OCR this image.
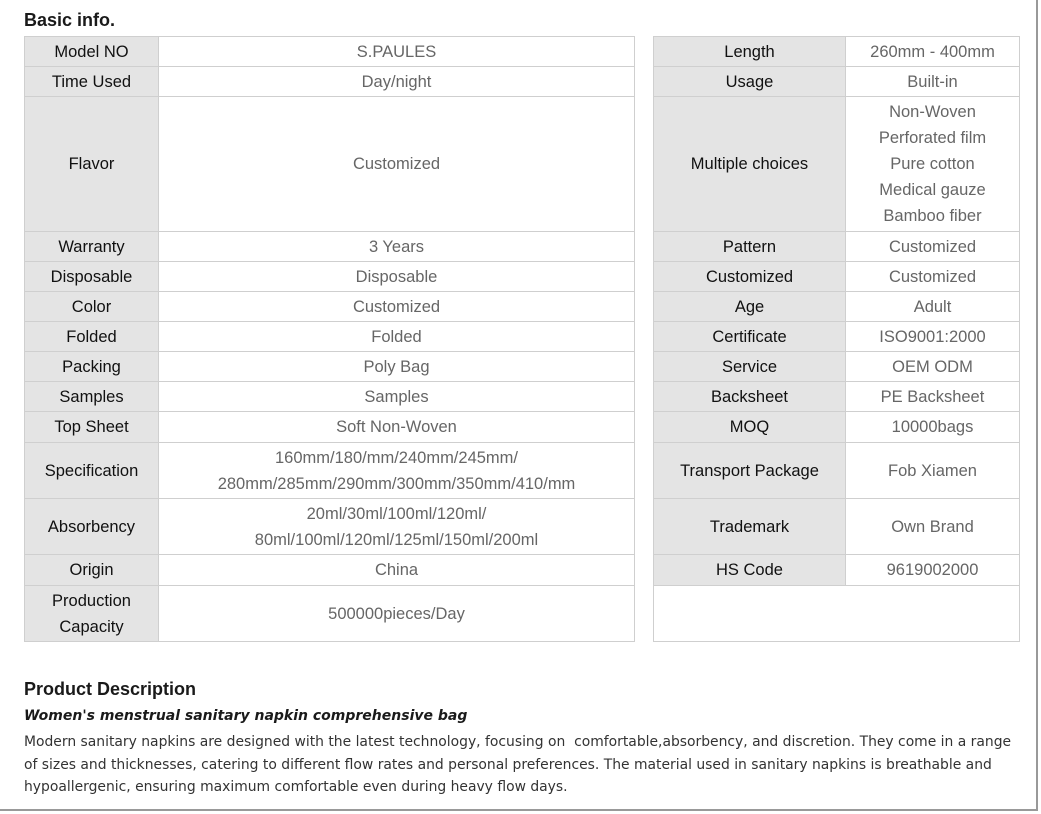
Basic info.
Model NO	S.PAULES
Time Used	Day/night
Flavor	Customized
Warranty	3 Years
Disposable	Disposable
Color	Customized
Folded	Folded
Packing	Poly Bag
Samples	Samples
Top Sheet	Soft Non-Woven
Specification	160mm/180/mm/240mm/245mm/
280mm/285mm/290mm/300mm/350mm/410/mm

Absorbency	20ml/30ml/100ml/120ml/
80ml/100ml/120ml/125ml/150ml/200ml

Origin	China

Production
Capacity	500000pieces/Day
Length	260mm - 400mm
Usage	Built-in
Multiple choices	Non-Woven
Perforated film
Pure cotton
Medical gauze
Bamboo fiber

Pattern	Customized
Customized	Customized
Age	Adult
Certificate	ISO9001:2000
Service	OEM ODM
Backsheet	PE Backsheet
MOQ	10000bags
Transport Package	Fob Xiamen
Trademark	Own Brand
HS Code	9619002000

Product Description
Women's menstrual sanitary napkin comprehensive bag
Modern sanitary napkins are designed with the latest technology, focusing on  comfortable,absorbency, and discretion. They come in a range of sizes and thicknesses, catering to different flow rates and personal preferences. The material used in sanitary napkins is breathable and hypoallergenic, ensuring maximum comfortable even during heavy flow days.
